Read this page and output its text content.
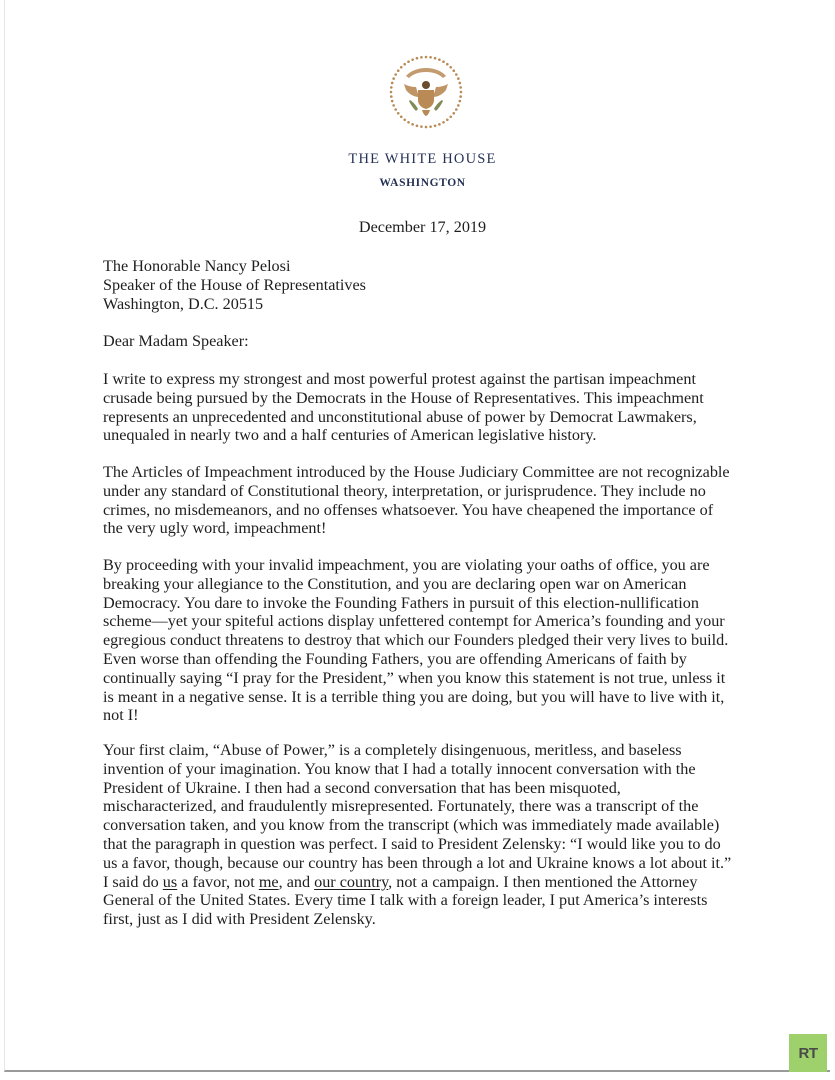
THE WHITE HOUSE
WASHINGTON
December 17, 2019
The Honorable Nancy Pelosi
Speaker of the House of Representatives
Washington, D.C. 20515
Dear Madam Speaker:

I write to express my strongest and most powerful protest against the partisan impeachment
crusade being pursued by the Democrats in the House of Representatives. This impeachment
represents an unprecedented and unconstitutional abuse of power by Democrat Lawmakers,
unequaled in nearly two and a half centuries of American legislative history.

The Articles of Impeachment introduced by the House Judiciary Committee are not recognizable
under any standard of Constitutional theory, interpretation, or jurisprudence. They include no
crimes, no misdemeanors, and no offenses whatsoever. You have cheapened the importance of
the very ugly word, impeachment!

By proceeding with your invalid impeachment, you are violating your oaths of office, you are
breaking your allegiance to the Constitution, and you are declaring open war on American
Democracy. You dare to invoke the Founding Fathers in pursuit of this election-nullification
scheme—yet your spiteful actions display unfettered contempt for America’s founding and your
egregious conduct threatens to destroy that which our Founders pledged their very lives to build.
Even worse than offending the Founding Fathers, you are offending Americans of faith by
continually saying “I pray for the President,” when you know this statement is not true, unless it
is meant in a negative sense. It is a terrible thing you are doing, but you will have to live with it,
not I!

Your first claim, “Abuse of Power,” is a completely disingenuous, meritless, and baseless
invention of your imagination. You know that I had a totally innocent conversation with the
President of Ukraine. I then had a second conversation that has been misquoted,
mischaracterized, and fraudulently misrepresented. Fortunately, there was a transcript of the
conversation taken, and you know from the transcript (which was immediately made available)
that the paragraph in question was perfect. I said to President Zelensky: “I would like you to do
us a favor, though, because our country has been through a lot and Ukraine knows a lot about it.”
I said do us a favor, not me, and our country, not a campaign. I then mentioned the Attorney
General of the United States. Every time I talk with a foreign leader, I put America’s interests
first, just as I did with President Zelensky.

RT
